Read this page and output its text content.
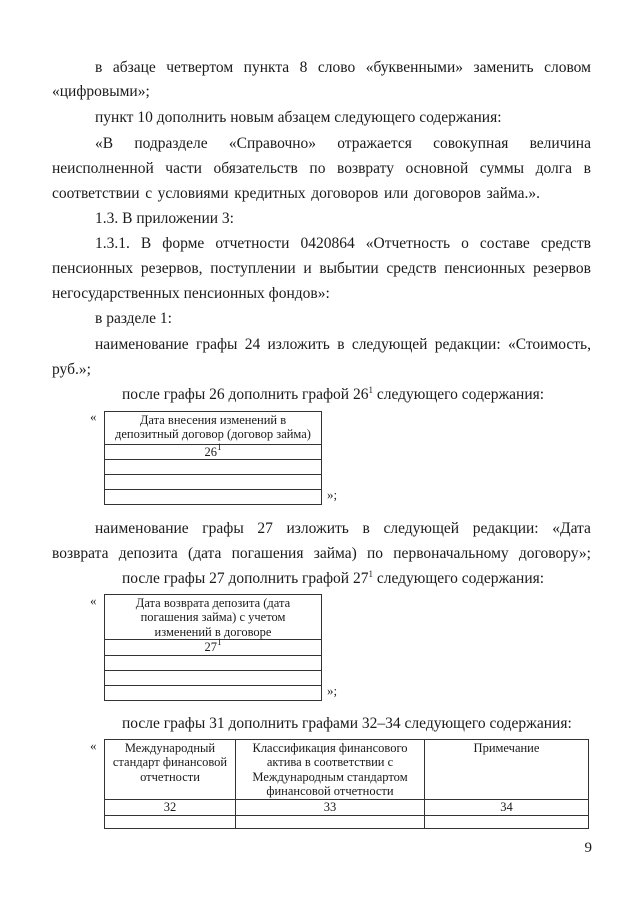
в абзаце четвертом пункта 8 слово «буквенными» заменить словом
«цифровыми»;
пункт 10 дополнить новым абзацем следующего содержания:
«В подразделе «Справочно» отражается совокупная величина
неисполненной части обязательств по возврату основной суммы долга в
соответствии с условиями кредитных договоров или договоров займа.».
1.3. В приложении 3:
1.3.1. В форме отчетности 0420864 «Отчетность о составе средств
пенсионных резервов, поступлении и выбытии средств пенсионных резервов
негосударственных пенсионных фондов»:
в разделе 1:
наименование графы 24 изложить в следующей редакции: «Стоимость,
руб.»;
после графы 26 дополнить графой $26^1$ следующего содержания:
«	Дата внесения изменений в
депозитный договор (договор займа)
$26^1$

»;
наименование графы 27 изложить в следующей редакции: «Дата
возврата депозита (дата погашения займа) по первоначальному договору»;
после графы 27 дополнить графой $27^1$ следующего содержания:
«	Дата возврата депозита (дата
погашения займа) с учетом
изменений в договоре
$27^1$

»;
после графы 31 дополнить графами 32–34 следующего содержания:
« Международный
стандарт финансовой
отчетности	Классификация финансового
актива в соответствии с
Международным стандартом
финансовой отчетности	Примечание
32	33	34

9
